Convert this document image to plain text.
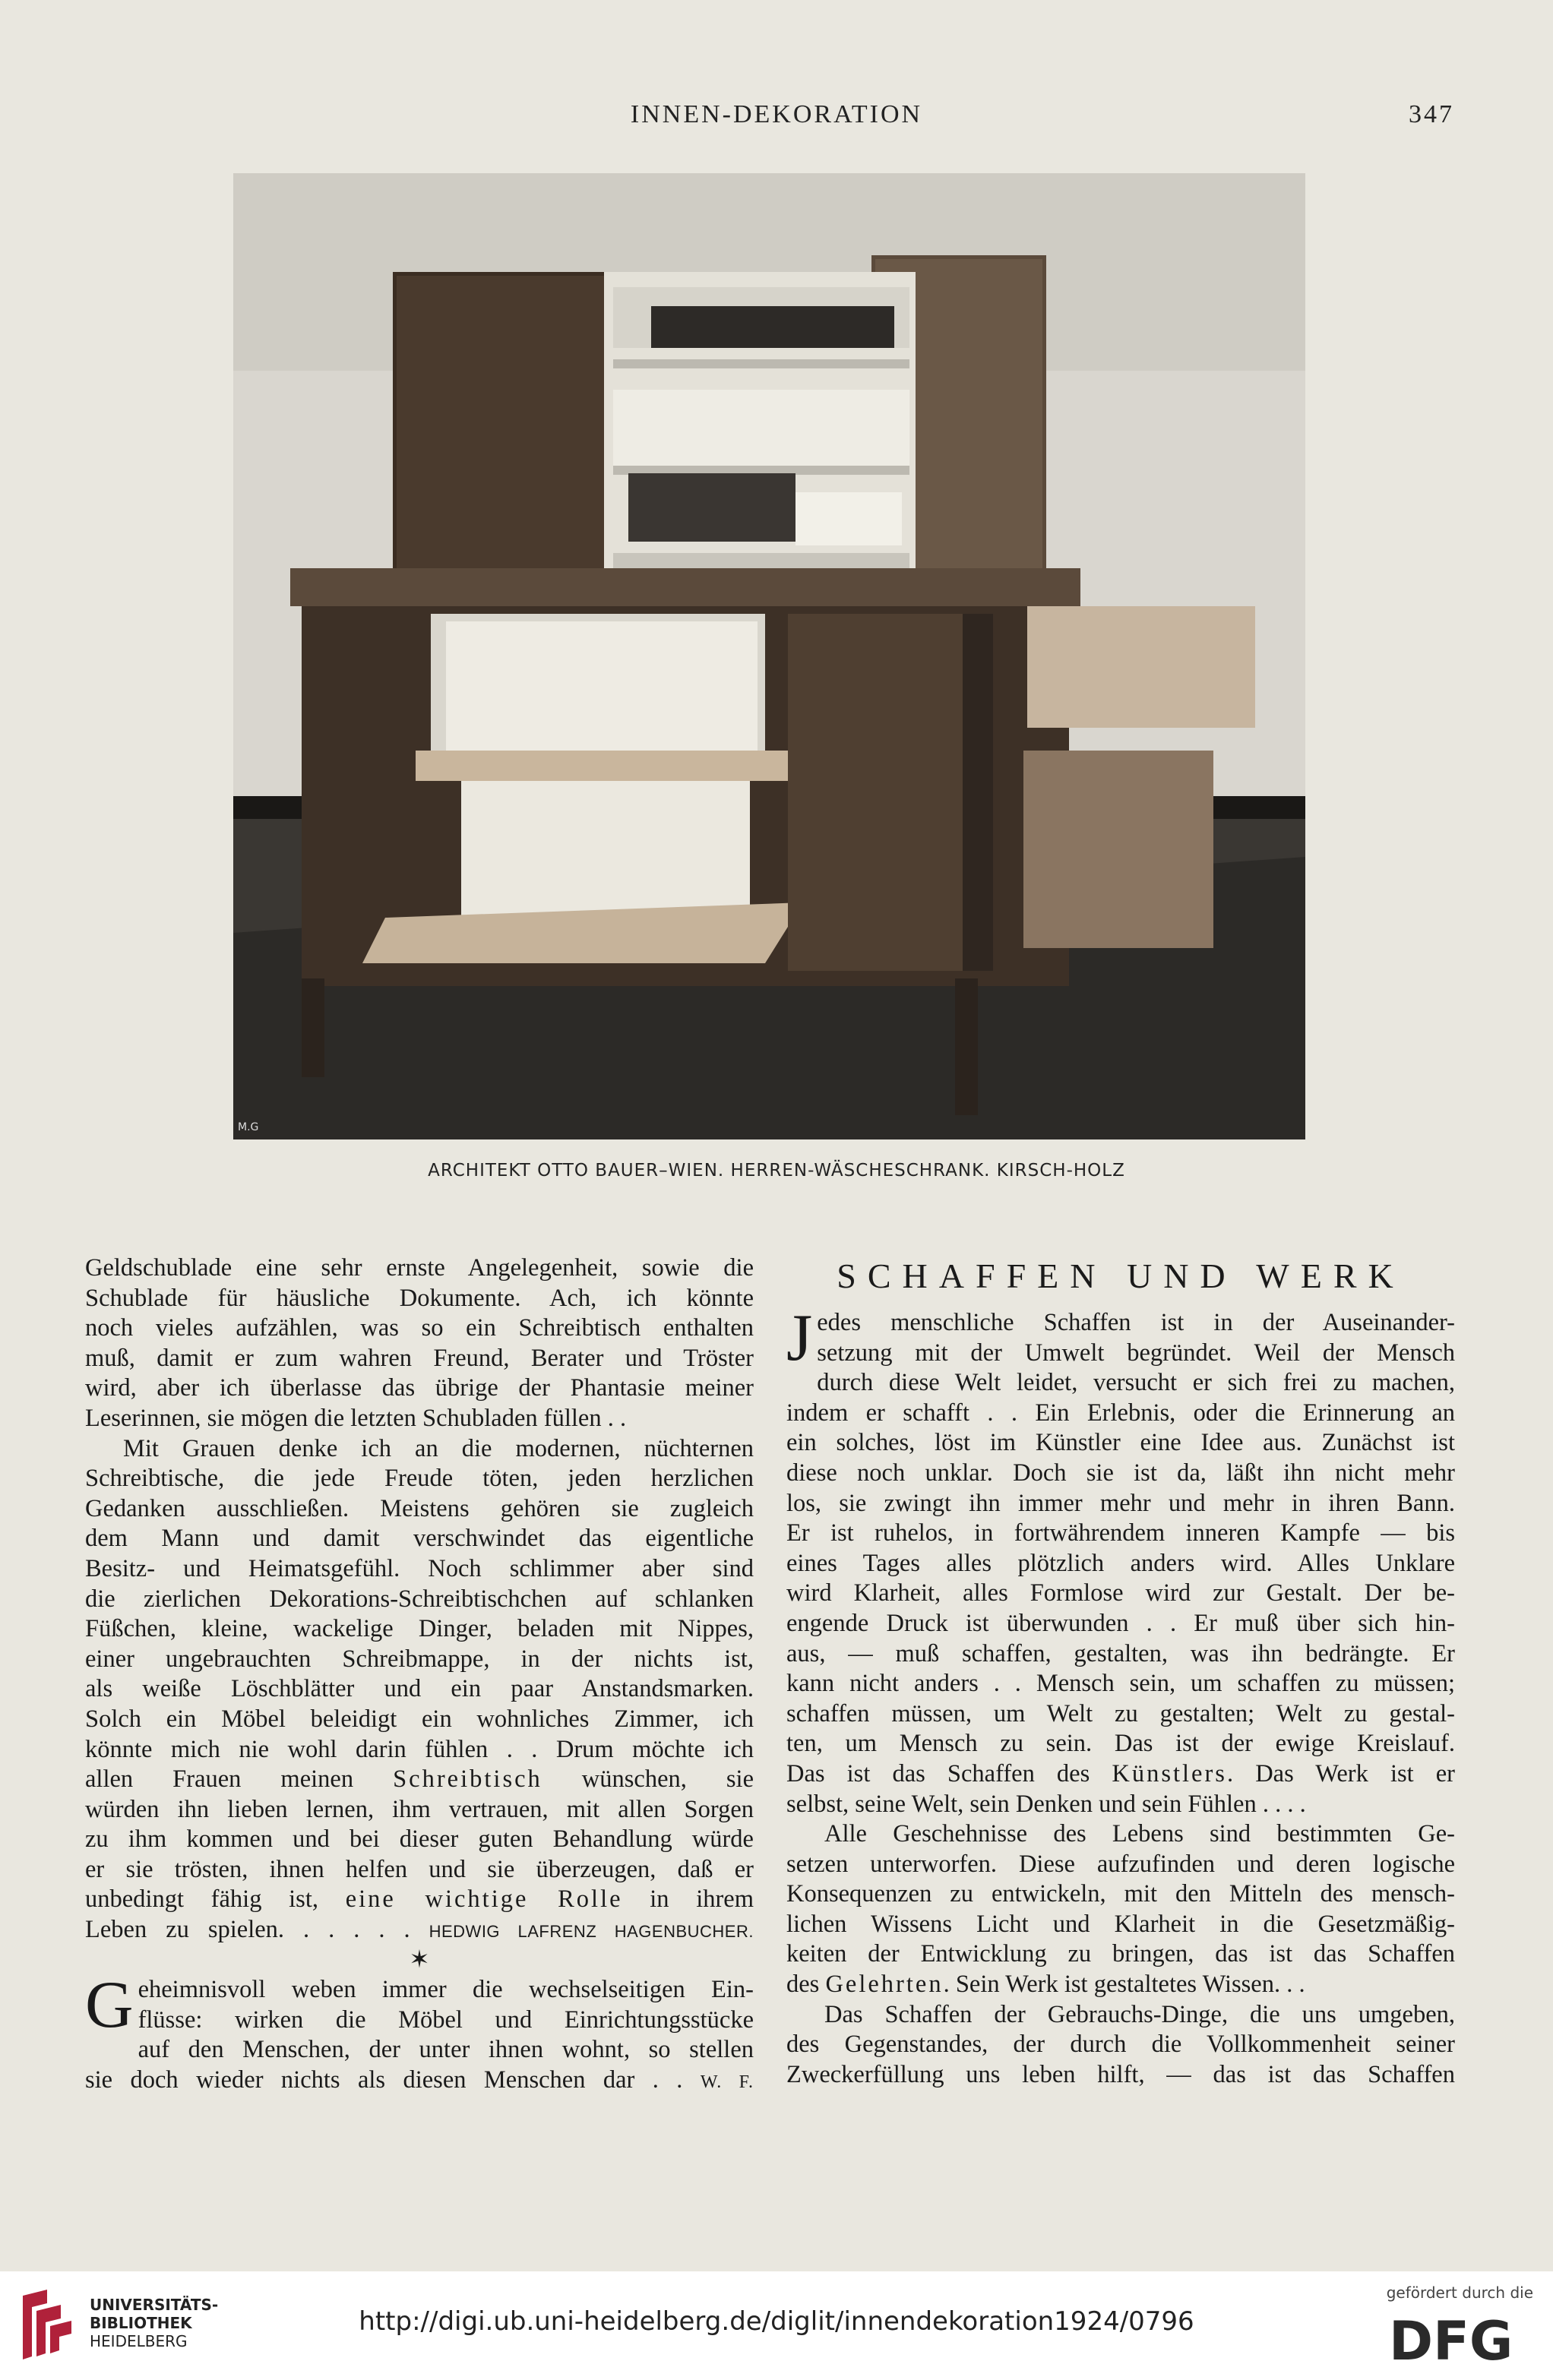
INNEN-DEKORATION	347
M.G
ARCHITEKT OTTO BAUER–WIEN. HERREN-WÄSCHESCHRANK. KIRSCH-HOLZ
Geldschublade eine sehr ernste Angelegenheit, sowie die
Schublade für häusliche Dokumente. Ach, ich könnte
noch vieles aufzählen, was so ein Schreibtisch enthalten
muß, damit er zum wahren Freund, Berater und Tröster
wird, aber ich überlasse das übrige der Phantasie meiner
Leserinnen, sie mögen die letzten Schubladen füllen . .
Mit Grauen denke ich an die modernen, nüchternen
Schreibtische, die jede Freude töten, jeden herzlichen
Gedanken ausschließen. Meistens gehören sie zugleich
dem Mann und damit verschwindet das eigentliche
Besitz- und Heimatsgefühl. Noch schlimmer aber sind
die zierlichen Dekorations-Schreibtischchen auf schlanken
Füßchen, kleine, wackelige Dinger, beladen mit Nippes,
einer ungebrauchten Schreibmappe, in der nichts ist,
als weiße Löschblätter und ein paar Anstandsmarken.
Solch ein Möbel beleidigt ein wohnliches Zimmer, ich
könnte mich nie wohl darin fühlen . . Drum möchte ich
allen Frauen meinen Schreibtisch wünschen, sie
würden ihn lieben lernen, ihm vertrauen, mit allen Sorgen
zu ihm kommen und bei dieser guten Behandlung würde
er sie trösten, ihnen helfen und sie überzeugen, daß er
unbedingt fähig ist, eine wichtige Rolle in ihrem
Leben zu spielen. . . . . . HEDWIG LAFRENZ HAGENBUCHER.
✶
G eheimnisvoll weben immer die wechselseitigen Ein-
flüsse: wirken die Möbel und Einrichtungsstücke
auf den Menschen, der unter ihnen wohnt, so stellen
sie doch wieder nichts als diesen Menschen dar . . W. F.
SCHAFFEN UND WERK
J edes menschliche Schaffen ist in der Auseinander-
setzung mit der Umwelt begründet. Weil der Mensch
durch diese Welt leidet, versucht er sich frei zu machen,
indem er schafft . . Ein Erlebnis, oder die Erinnerung an
ein solches, löst im Künstler eine Idee aus. Zunächst ist
diese noch unklar. Doch sie ist da, läßt ihn nicht mehr
los, sie zwingt ihn immer mehr und mehr in ihren Bann.
Er ist ruhelos, in fortwährendem inneren Kampfe — bis
eines Tages alles plötzlich anders wird. Alles Unklare
wird Klarheit, alles Formlose wird zur Gestalt. Der be-
engende Druck ist überwunden . . Er muß über sich hin-
aus, — muß schaffen, gestalten, was ihn bedrängte. Er
kann nicht anders . . Mensch sein, um schaffen zu müssen;
schaffen müssen, um Welt zu gestalten; Welt zu gestal-
ten, um Mensch zu sein. Das ist der ewige Kreislauf.
Das ist das Schaffen des Künstlers. Das Werk ist er
selbst, seine Welt, sein Denken und sein Fühlen . . . .
Alle Geschehnisse des Lebens sind bestimmten Ge-
setzen unterworfen. Diese aufzufinden und deren logische
Konsequenzen zu entwickeln, mit den Mitteln des mensch-
lichen Wissens Licht und Klarheit in die Gesetzmäßig-
keiten der Entwicklung zu bringen, das ist das Schaffen
des Gelehrten. Sein Werk ist gestaltetes Wissen. . .
Das Schaffen der Gebrauchs-Dinge, die uns umgeben,
des Gegenstandes, der durch die Vollkommenheit seiner
Zweckerfüllung uns leben hilft, — das ist das Schaffen
UNIVERSITÄTS-
BIBLIOTHEK
HEIDELBERG
http://digi.ub.uni-heidelberg.de/diglit/innendekoration1924/0796
gefördert durch die
DFG
